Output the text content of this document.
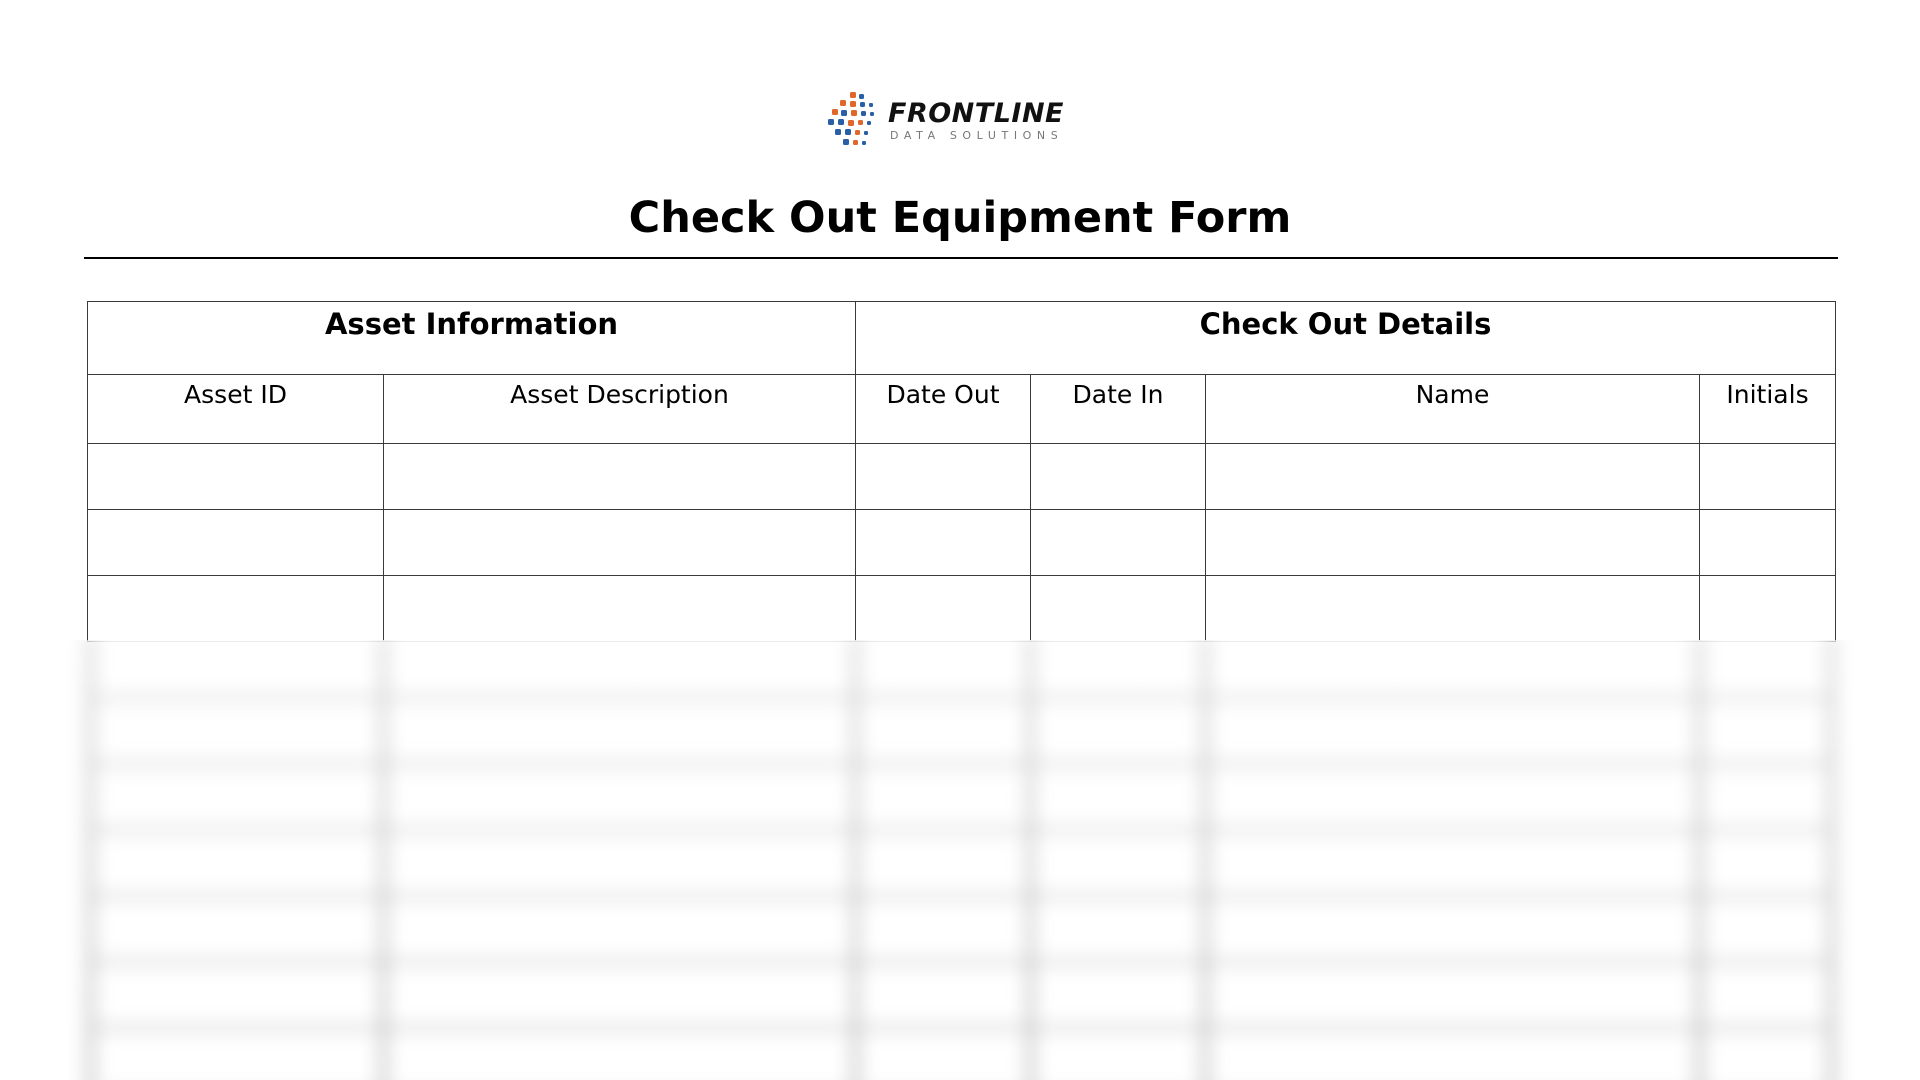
FRONTLINE
DATA SOLUTIONS
Check Out Equipment Form
Asset Information		Check Out Details			
Asset ID	Asset Description	Date Out	Date In	Name	Initials
